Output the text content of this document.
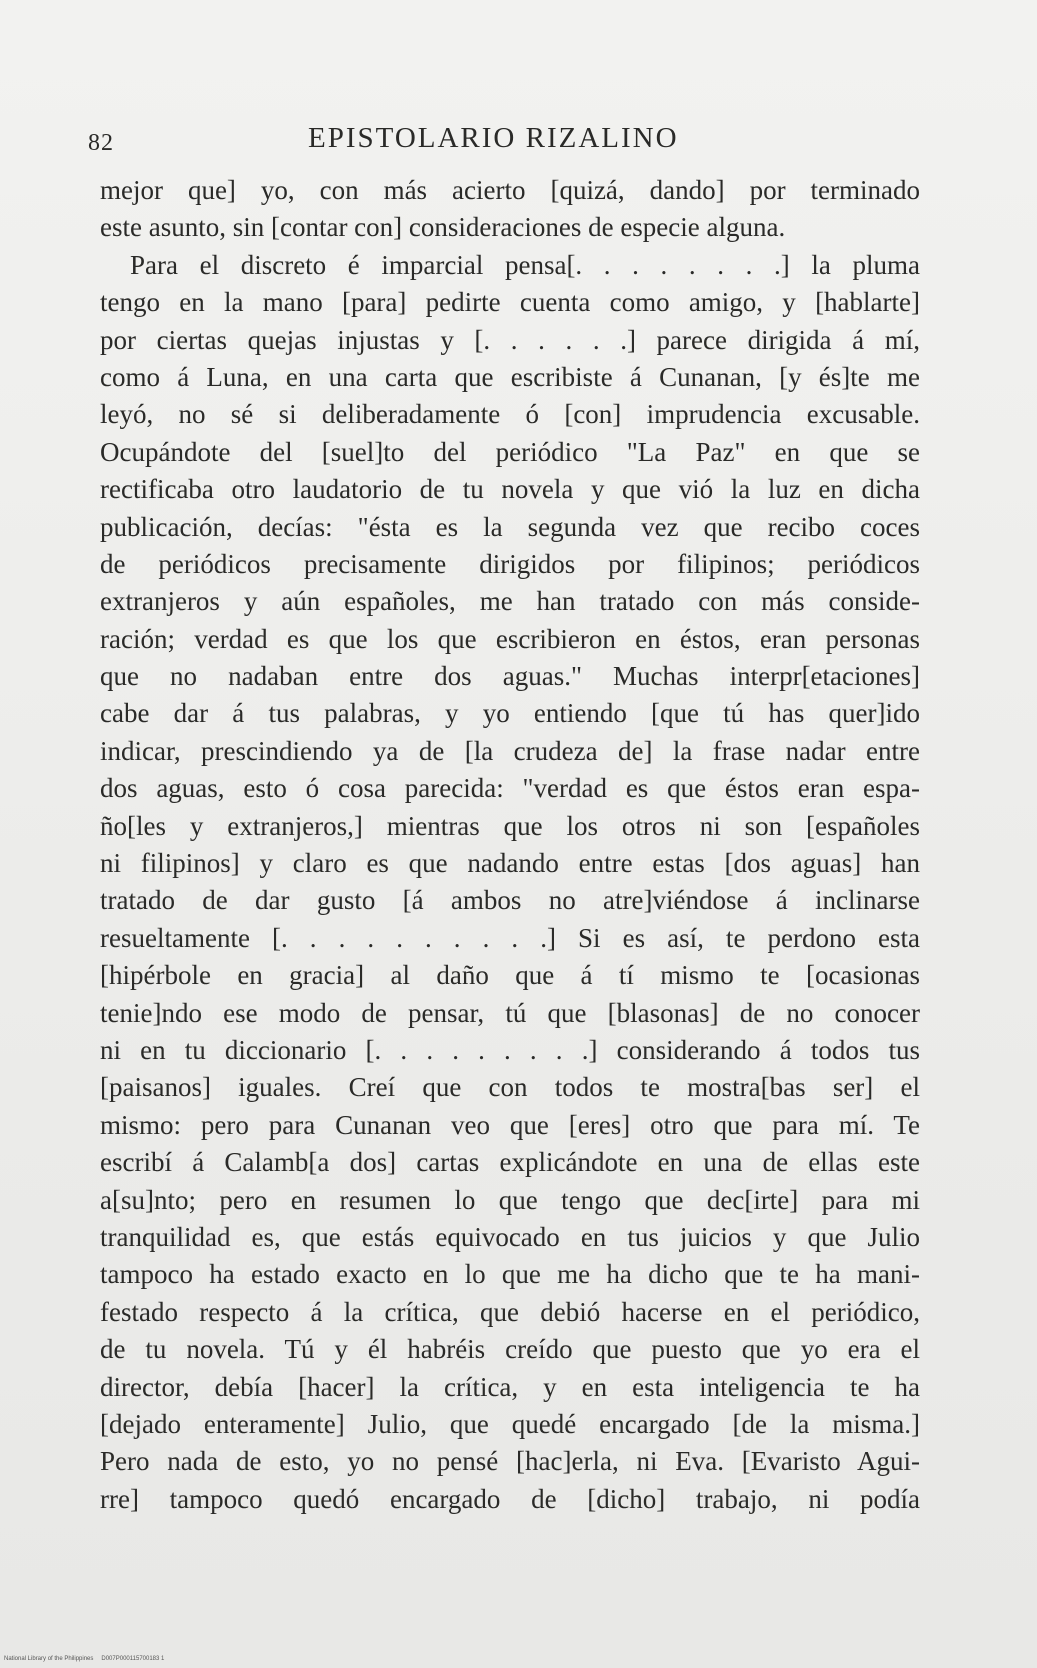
82	EPISTOLARIO RIZALINO
mejor que] yo, con más acierto [quizá, dando] por terminado
este asunto, sin [contar con] consideraciones de especie alguna.
Para el discreto é imparcial pensa[. . . . . . . .] la pluma
tengo en la mano [para] pedirte cuenta como amigo, y [hablarte]
por ciertas quejas injustas y [. . . . . .] parece dirigida á mí,
como á Luna, en una carta que escribiste á Cunanan, [y és]te me
leyó, no sé si deliberadamente ó [con] imprudencia excusable.
Ocupándote del [suel]to del periódico "La Paz" en que se
rectificaba otro laudatorio de tu novela y que vió la luz en dicha
publicación, decías: "ésta es la segunda vez que recibo coces
de periódicos precisamente dirigidos por filipinos; periódicos
extranjeros y aún españoles, me han tratado con más conside-
ración; verdad es que los que escribieron en éstos, eran personas
que no nadaban entre dos aguas." Muchas interpr[etaciones]
cabe dar á tus palabras, y yo entiendo [que tú has quer]ido
indicar, prescindiendo ya de [la crudeza de] la frase nadar entre
dos aguas, esto ó cosa parecida: "verdad es que éstos eran espa-
ño[les y extranjeros,] mientras que los otros ni son [españoles
ni filipinos] y claro es que nadando entre estas [dos aguas] han
tratado de dar gusto [á ambos no atre]viéndose á inclinarse
resueltamente [. . . . . . . . . .] Si es así, te perdono esta
[hipérbole en gracia] al daño que á tí mismo te [ocasionas
tenie]ndo ese modo de pensar, tú que [blasonas] de no conocer
ni en tu diccionario [. . . . . . . . .] considerando á todos tus
[paisanos] iguales. Creí que con todos te mostra[bas ser] el
mismo: pero para Cunanan veo que [eres] otro que para mí. Te
escribí á Calamb[a dos] cartas explicándote en una de ellas este
a[su]nto; pero en resumen lo que tengo que dec[irte] para mi
tranquilidad es, que estás equivocado en tus juicios y que Julio
tampoco ha estado exacto en lo que me ha dicho que te ha mani-
festado respecto á la crítica, que debió hacerse en el periódico,
de tu novela. Tú y él habréis creído que puesto que yo era el
director, debía [hacer] la crítica, y en esta inteligencia te ha
[dejado enteramente] Julio, que quedé encargado [de la misma.]
Pero nada de esto, yo no pensé [hac]erla, ni Eva. [Evaristo Agui-
rre] tampoco quedó encargado de [dicho] trabajo, ni podía
National Library of the Philippines D007P000115700183 1
